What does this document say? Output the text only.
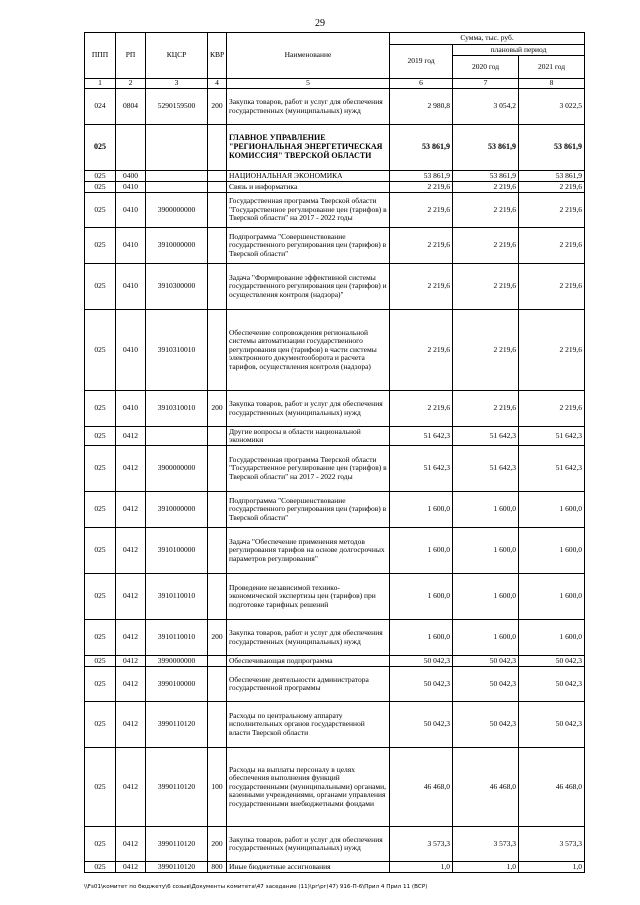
29
ППП	РП	КЦСР	КВР	Наименование	Сумма, тыс. руб.		
					2019 год	плановый период	
						2020 год	2021 год
1	2	3	4	5	6	7	8
024	0804	5290159500	200	Закупка товаров, работ и услуг для обеспечения государственных (муниципальных) нужд	2 980,8	3 054,2	3 022,5
025				ГЛАВНОЕ УПРАВЛЕНИЕ "РЕГИОНАЛЬНАЯ ЭНЕРГЕТИЧЕСКАЯ КОМИССИЯ" ТВЕРСКОЙ ОБЛАСТИ	53 861,9	53 861,9	53 861,9
025	0400			НАЦИОНАЛЬНАЯ ЭКОНОМИКА	53 861,9	53 861,9	53 861,9
025	0410			Связь и информатика	2 219,6	2 219,6	2 219,6
025	0410	3900000000		Государственная программа Тверской области "Государственное регулирование цен (тарифов) в Тверской области" на 2017 - 2022 годы	2 219,6	2 219,6	2 219,6
025	0410	3910000000		Подпрограмма "Совершенствование государственного регулирования цен (тарифов) в Тверской области"	2 219,6	2 219,6	2 219,6
025	0410	3910300000		Задача "Формирование эффективной системы государственного регулирования цен (тарифов) и осуществления контроля (надзора)"	2 219,6	2 219,6	2 219,6
025	0410	3910310010		Обеспечение сопровождения региональной системы автоматизации государственного регулирования цен (тарифов) в части системы электронного документооборота и расчета тарифов, осуществления контроля (надзора)	2 219,6	2 219,6	2 219,6
025	0410	3910310010	200	Закупка товаров, работ и услуг для обеспечения государственных (муниципальных) нужд	2 219,6	2 219,6	2 219,6
025	0412			Другие вопросы в области национальной экономики	51 642,3	51 642,3	51 642,3
025	0412	3900000000		Государственная программа Тверской области "Государственное регулирование цен (тарифов) в Тверской области" на 2017 - 2022 годы	51 642,3	51 642,3	51 642,3
025	0412	3910000000		Подпрограмма "Совершенствование государственного регулирования цен (тарифов) в Тверской области"	1 600,0	1 600,0	1 600,0
025	0412	3910100000		Задача "Обеспечение применения методов регулирования тарифов на основе долгосрочных параметров регулирования"	1 600,0	1 600,0	1 600,0
025	0412	3910110010		Проведение независимой технико-экономической экспертизы цен (тарифов) при подготовке тарифных решений	1 600,0	1 600,0	1 600,0
025	0412	3910110010	200	Закупка товаров, работ и услуг для обеспечения государственных (муниципальных) нужд	1 600,0	1 600,0	1 600,0
025	0412	3990000000		Обеспечивающая подпрограмма	50 042,3	50 042,3	50 042,3
025	0412	3990100000		Обеспечение деятельности администратора государственной программы	50 042,3	50 042,3	50 042,3
025	0412	3990110120		Расходы по центральному аппарату исполнительных органов государственной власти Тверской области	50 042,3	50 042,3	50 042,3
025	0412	3990110120	100	Расходы на выплаты персоналу в целях обеспечения выполнения функций государственными (муниципальными) органами, казенными учреждениями, органами управления государственными внебюджетными фондами	46 468,0	46 468,0	46 468,0
025	0412	3990110120	200	Закупка товаров, работ и услуг для обеспечения государственных (муниципальных) нужд	3 573,3	3 573,3	3 573,3
025	0412	3990110120	800	Иные бюджетные ассигнования	1,0	1,0	1,0
\\Fs01\комитет по бюджету\6 созыв\Документы комитета\47 заседание (11)\рг\рг(47) 916-П-6\Прил 4 Прил 11 (ВСР)
